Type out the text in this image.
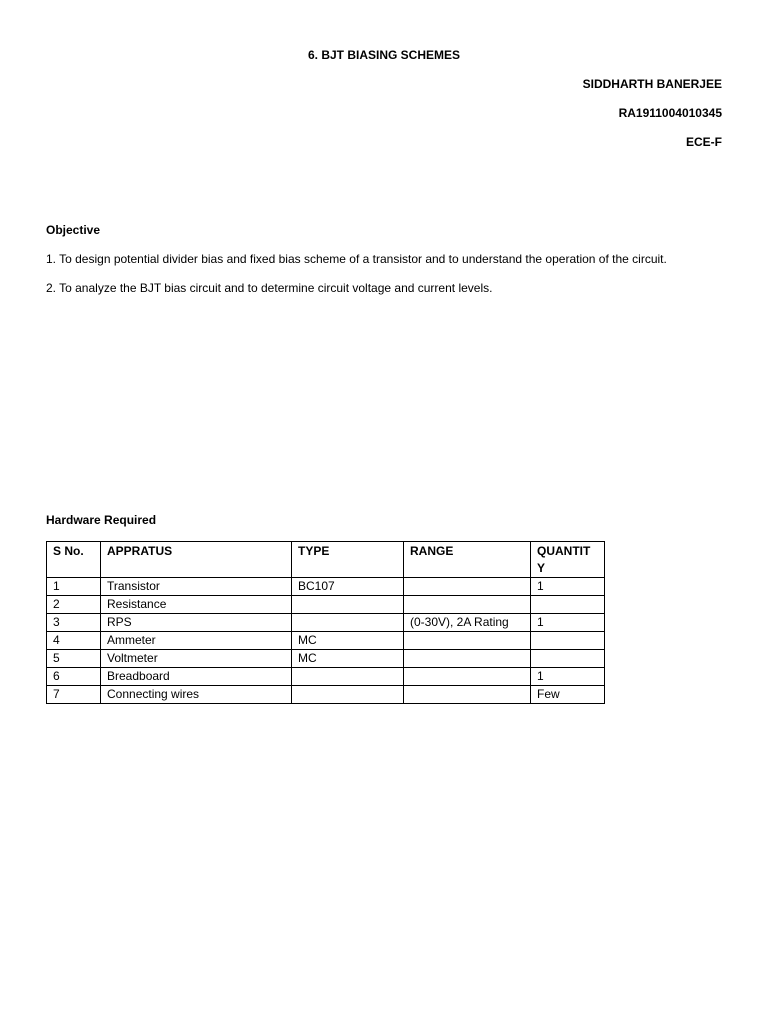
6. BJT BIASING SCHEMES
SIDDHARTH BANERJEE
RA1911004010345
ECE-F
Objective
1. To design potential divider bias and fixed bias scheme of a transistor and to understand the operation of the circuit.
2. To analyze the BJT bias circuit and to determine circuit voltage and current levels.
Hardware Required
S No.	APPRATUS	TYPE	RANGE	QUANTIT Y
1	Transistor	BC107		1
2	Resistance			
3	RPS		(0-30V), 2A Rating	1
4	Ammeter	MC		
5	Voltmeter	MC		
6	Breadboard			1
7	Connecting wires			Few
